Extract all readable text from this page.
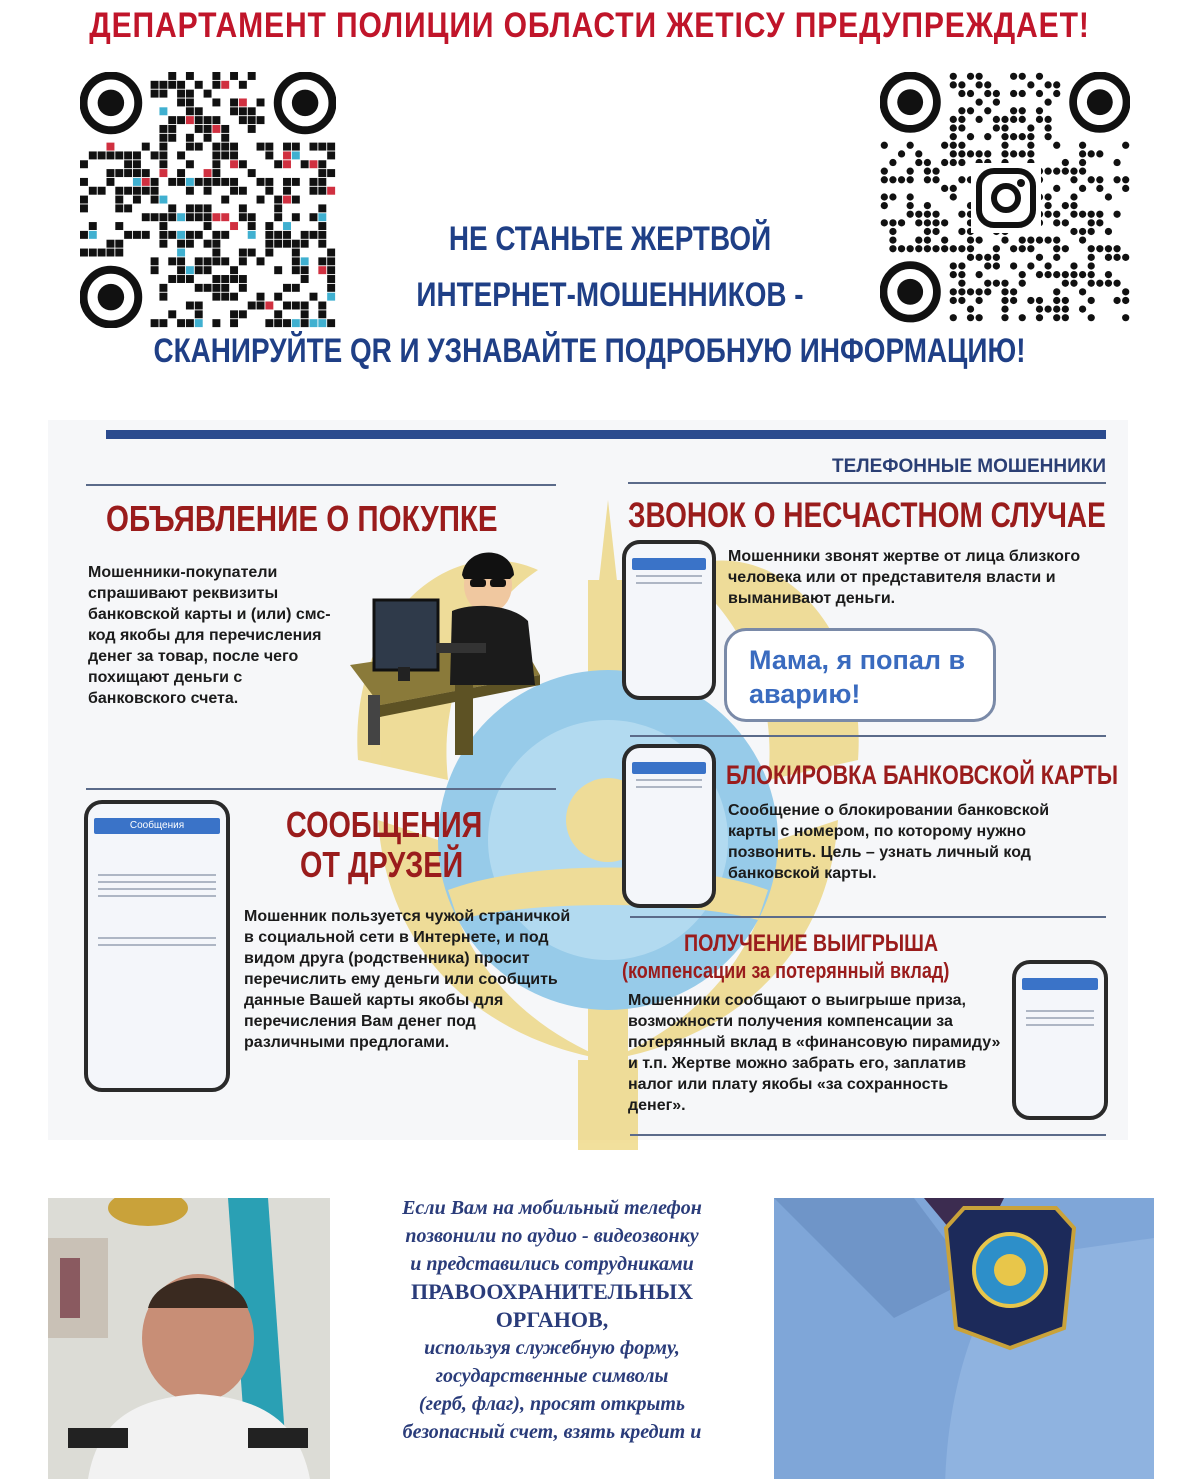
ДЕПАРТАМЕНТ ПОЛИЦИИ ОБЛАСТИ ЖЕТІСУ ПРЕДУПРЕЖДАЕТ!
НЕ СТАНЬТЕ ЖЕРТВОЙ
ИНТЕРНЕТ-МОШЕННИКОВ -
СКАНИРУЙТЕ QR И УЗНАВАЙТЕ ПОДРОБНУЮ ИНФОРМАЦИЮ!
ТЕЛЕФОННЫЕ МОШЕННИКИ
ОБЪЯВЛЕНИЕ О ПОКУПКЕ
Мошенники-покупатели спрашивают реквизиты банковской карты и (или) смс-код якобы для перечисления денег за товар, после чего похищают деньги с банковского счета.
ЗВОНОК О НЕСЧАСТНОМ СЛУЧАЕ
Мошенники звонят жертве от лица близкого человека или от представителя власти и выманивают деньги.
Мама, я попал в аварию!
Сообщения	СООБЩЕНИЯ
ОТ ДРУЗЕЙ
Мошенник пользуется чужой страничкой в социальной сети в Интернете, и под видом друга (родственника) просит перечислить ему деньги или сообщить данные Вашей карты якобы для перечисления Вам денег под различными предлогами.
БЛОКИРОВКА БАНКОВСКОЙ КАРТЫ
Сообщение о блокировании банковской карты с номером, по которому нужно позвонить. Цель – узнать личный код банковской карты.
ПОЛУЧЕНИЕ ВЫИГРЫША
(компенсации за потерянный вклад)
Мошенники сообщают о выигрыше приза, возможности получения компенсации за потерянный вклад в «финансовую пирамиду» и т.п. Жертве можно забрать его, заплатив налог или плату якобы «за сохранность денег».
Если Вам на мобильный телефон
позвонили по аудио - видеозвонку
и представились сотрудниками
ПРАВООХРАНИТЕЛЬНЫХ
ОРГАНОВ,
используя служебную форму,
государственные символы
(герб, флаг), просят открыть
безопасный счет, взять кредит и
